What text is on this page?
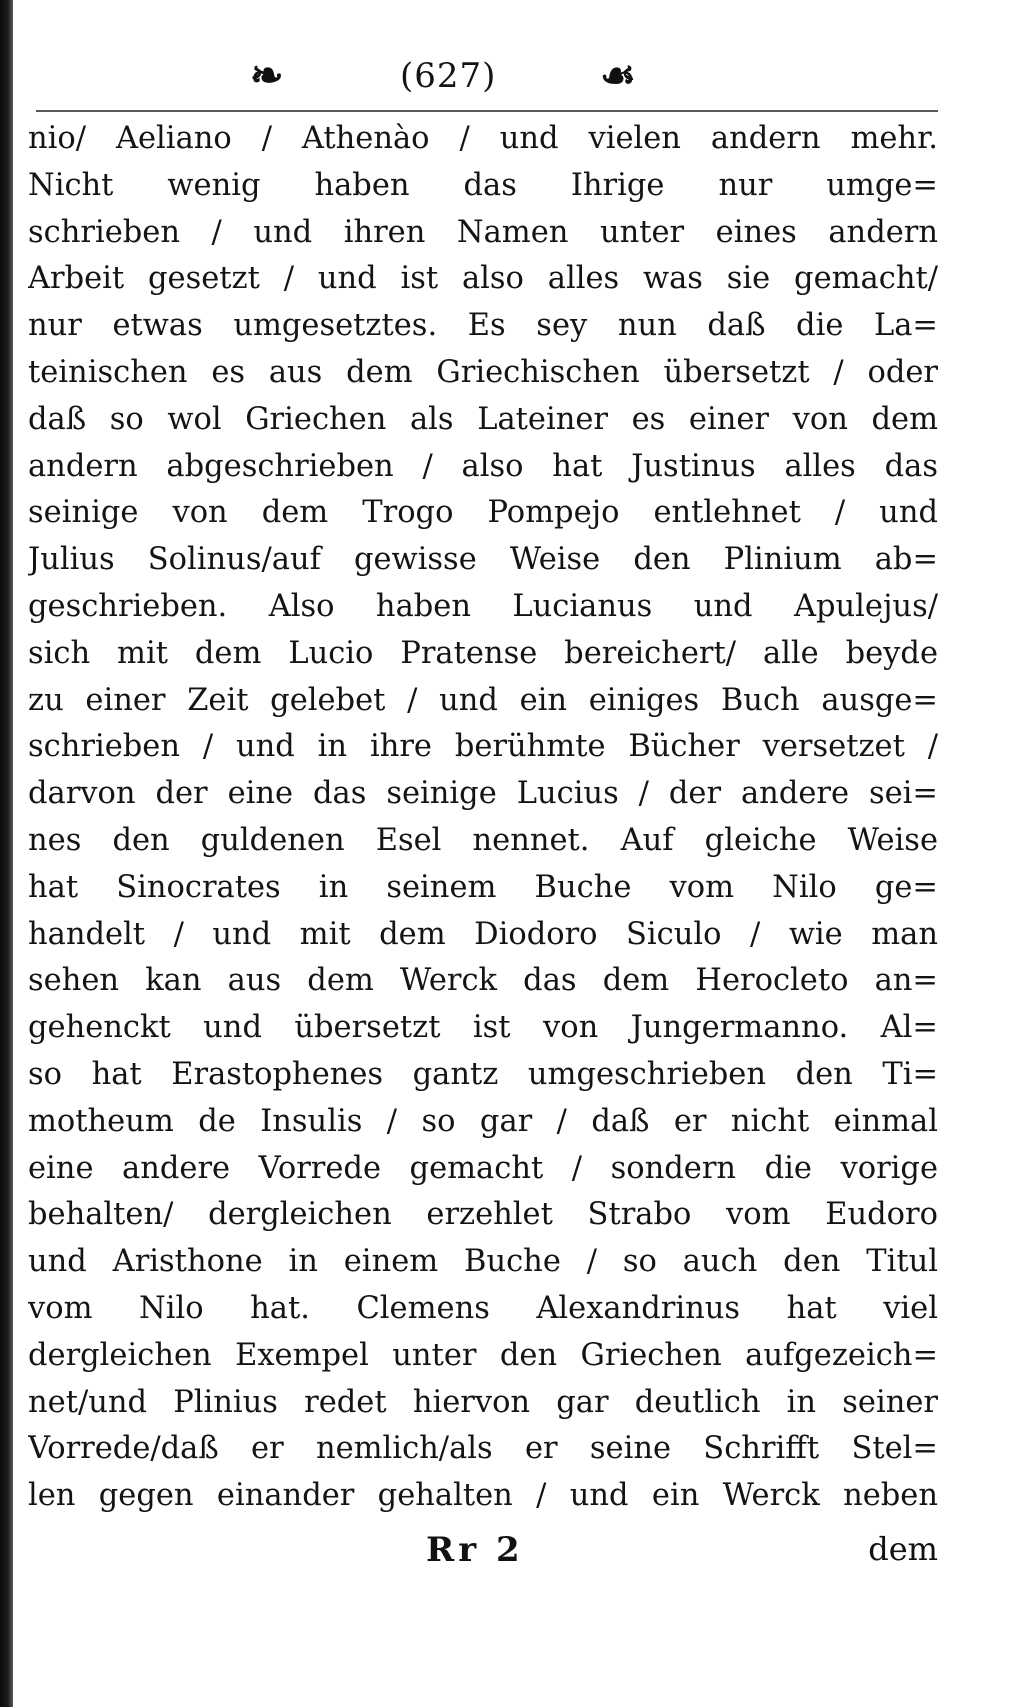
❧	(627)	☙
nio/ Aeliano / Athenào / und vielen andern mehr.
Nicht wenig haben das Ihrige nur umge=
schrieben / und ihren Namen unter eines andern
Arbeit gesetzt / und ist also alles was sie gemacht/
nur etwas umgesetztes. Es sey nun daß die La=
teinischen es aus dem Griechischen übersetzt / oder
daß so wol Griechen als Lateiner es einer von dem
andern abgeschrieben / also hat Justinus alles das
seinige von dem Trogo Pompejo entlehnet / und
Julius Solinus/auf gewisse Weise den Plinium ab=
geschrieben. Also haben Lucianus und Apulejus/
sich mit dem Lucio Pratense bereichert/ alle beyde
zu einer Zeit gelebet / und ein einiges Buch ausge=
schrieben / und in ihre berühmte Bücher versetzet /
darvon der eine das seinige Lucius / der andere sei=
nes den guldenen Esel nennet. Auf gleiche Weise
hat Sinocrates in seinem Buche vom Nilo ge=
handelt / und mit dem Diodoro Siculo / wie man
sehen kan aus dem Werck das dem Herocleto an=
gehenckt und übersetzt ist von Jungermanno. Al=
so hat Erastophenes gantz umgeschrieben den Ti=
motheum de Insulis / so gar / daß er nicht einmal
eine andere Vorrede gemacht / sondern die vorige
behalten/ dergleichen erzehlet Strabo vom Eudoro
und Aristhone in einem Buche / so auch den Titul
vom Nilo hat. Clemens Alexandrinus hat viel
dergleichen Exempel unter den Griechen aufgezeich=
net/und Plinius redet hiervon gar deutlich in seiner
Vorrede/daß er nemlich/als er seine Schrifft Stel=
len gegen einander gehalten / und ein Werck neben
Rr 2	dem
